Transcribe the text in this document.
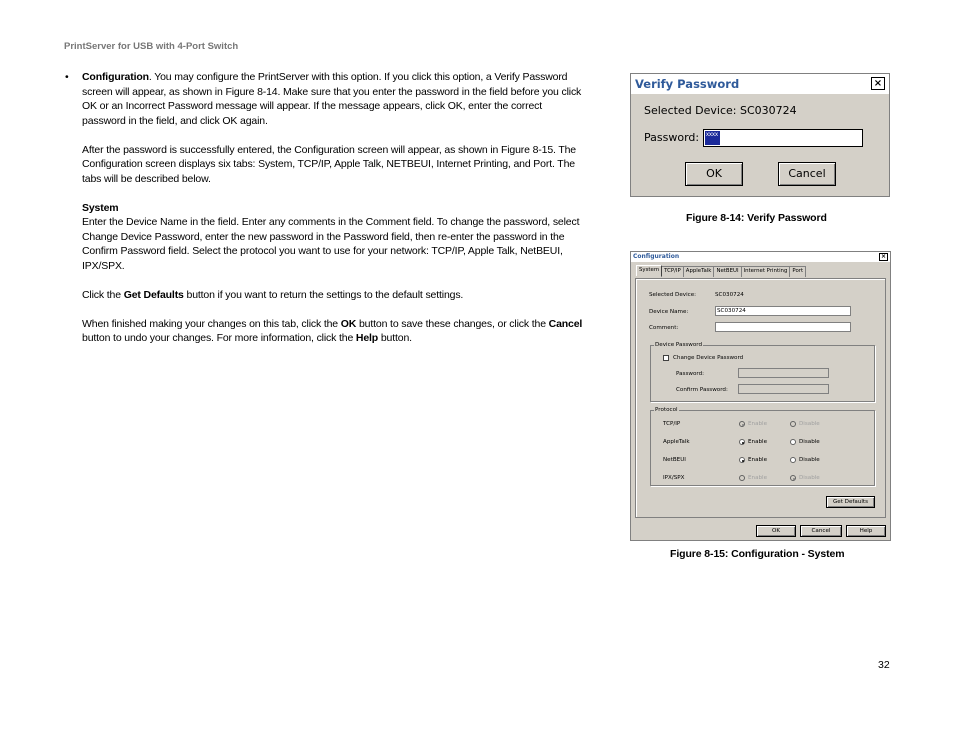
PrintServer for USB with 4-Port Switch
• Configuration. You may configure the PrintServer with this option. If you click this option, a Verify Password screen will appear, as shown in Figure 8-14. Make sure that you enter the password in the field before you click OK or an Incorrect Password message will appear. If the message appears, click OK, enter the correct password in the field, and click OK again.

After the password is successfully entered, the Configuration screen will appear, as shown in Figure 8-15. The Configuration screen displays six tabs: System, TCP/IP, Apple Talk, NETBEUI, Internet Printing, and Port. The tabs will be described below.

System

Enter the Device Name in the field. Enter any comments in the Comment field. To change the password, select Change Device Password, enter the new password in the Password field, then re-enter the password in the Confirm Password field. Select the protocol you want to use for your network: TCP/IP, Apple Talk, NetBEUI, IPX/SPX.

Click the Get Defaults button if you want to return the settings to the default settings.

When finished making your changes on this tab, click the OK button to save these changes, or click the Cancel button to undo your changes. For more information, click the Help button.

Verify Password	×
Selected Device: SC030724
Password: xxxx
OK	Cancel
Figure 8-14: Verify Password
Configuration	×
System TCP/IP AppleTalk NetBEUI Internet Printing Port
Selected Device:	SC030724
Device Name:	SC030724
Comment:
Device Password
Change Device Password
Password:
Confirm Password:
Protocol
TCP/IP	Enable	Disable
AppleTalk	Enable	Disable
NetBEUI	Enable	Disable
IPX/SPX	Enable	Disable
Get Defaults
OK	Cancel	Help
Figure 8-15: Configuration - System
32
